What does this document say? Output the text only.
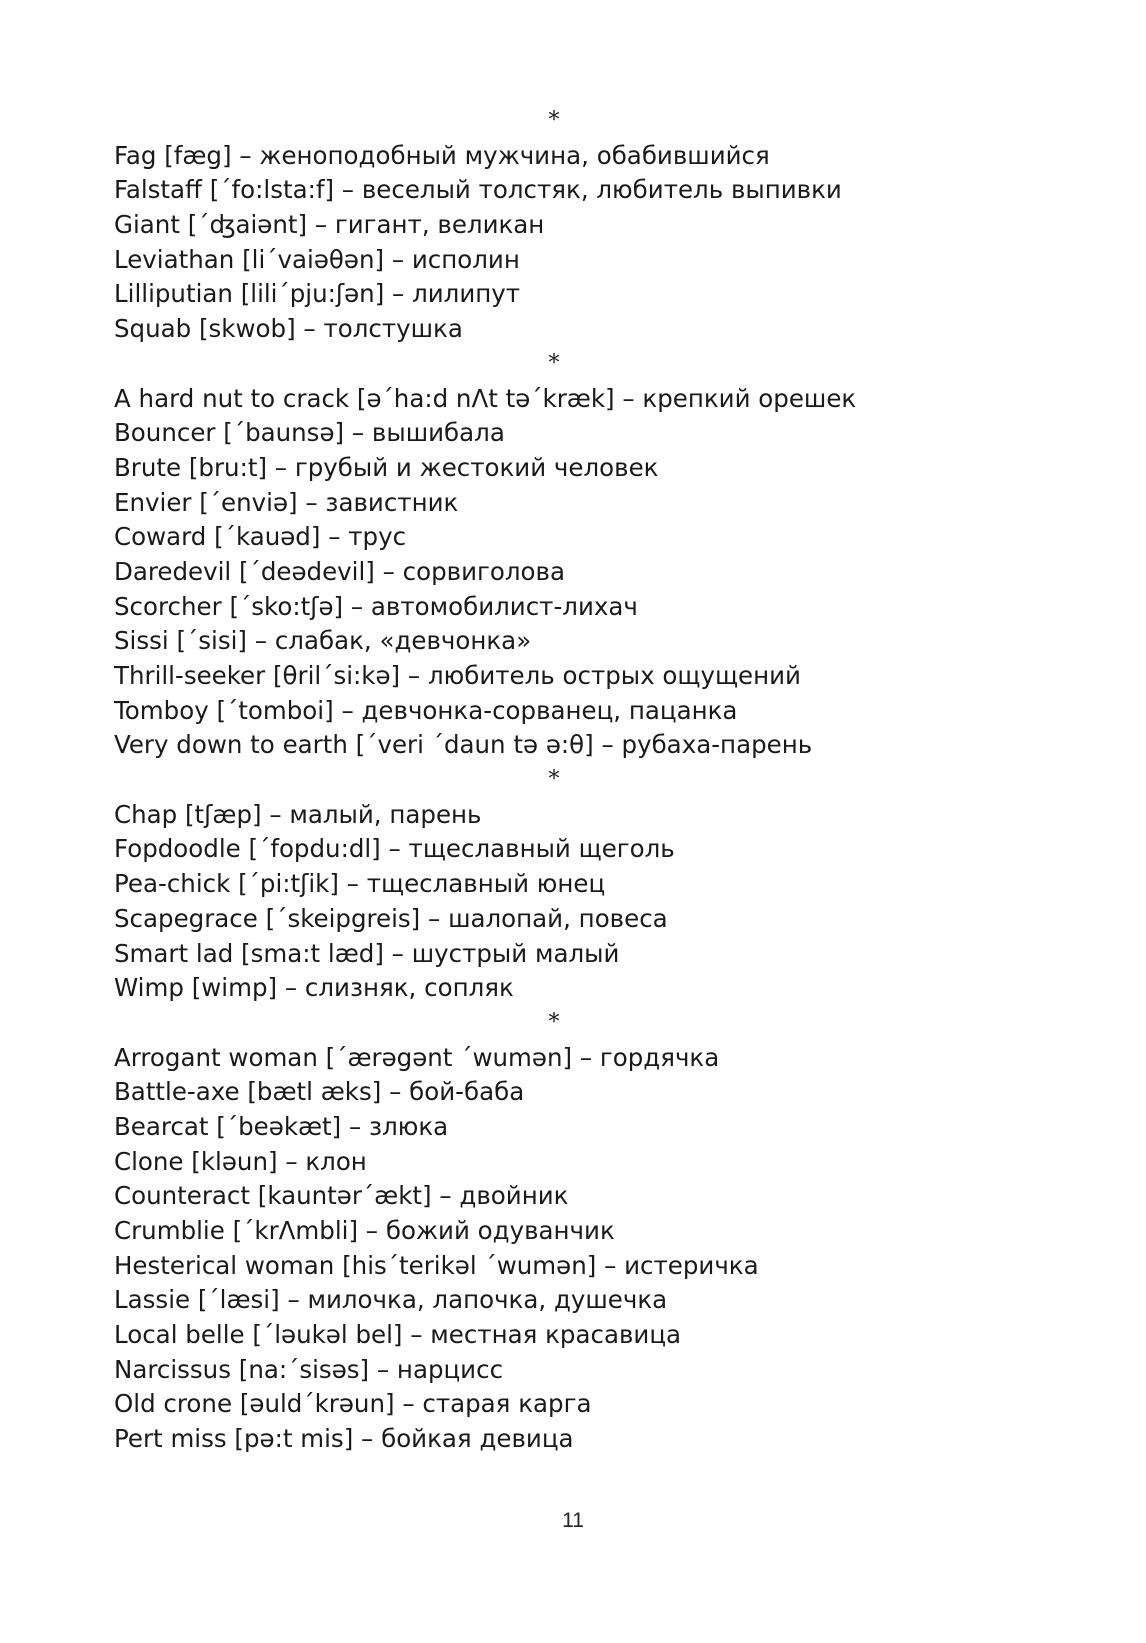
*
Fag [fæg] – женоподобный мужчина, обабившийся
Falstaff [΄fo:lsta:f] – веселый толстяк, любитель выпивки
Giant [΄ʤaiənt] – гигант, великан
Leviathan [li΄vaiəθən] – исполин
Lilliputian [lili΄pju:ʃən] – лилипут
Squab [skwob] – толстушка
*
A hard nut to crack [ə΄ha:d nΛt tə΄kræk] – крепкий орешек
Bouncer [΄baunsə] – вышибала
Brute [bru:t] – грубый и жестокий человек
Envier [΄enviə] – завистник
Coward [΄kauəd] – трус
Daredevil [΄deədevil] – сорвиголова
Scorcher [΄sko:tʃə] – автомобилист-лихач
Sissi [΄sisi] – слабак, «девчонка»
Thrill-seeker [θril΄si:kə] – любитель острых ощущений
Tomboy [΄tomboi] – девчонка-сорванец, пацанка
Very down to earth [΄veri ΄daun tə ə:θ] – рубаха-парень
*
Chap [tʃæp] – малый, парень
Fopdoodle [΄fopdu:dl] – тщеславный щеголь
Pea-chick [΄pi:tʃik] – тщеславный юнец
Scapegrace [΄skeipgreis] – шалопай, повеса
Smart lad [sma:t læd] – шустрый малый
Wimp [wimp] – слизняк, сопляк
*
Arrogant woman [΄ærəgənt ΄wumən] – гордячка
Battle-axe [bætl æks] – бой-баба
Bearcat [΄beəkæt] – злюка
Clone [kləun] – клон
Counteract [kauntər΄ækt] – двойник
Crumblie [΄krΛmbli] – божий одуванчик
Hesterical woman [his΄terikəl ΄wumən] – истеричка
Lassie [΄læsi] – милочка, лапочка, душечка
Local belle [΄ləukəl bel] – местная красавица
Narcissus [na:΄sisəs] – нарцисс
Old crone [əuld΄krəun] – старая карга
Pert miss [pə:t mis] – бойкая девица
11
